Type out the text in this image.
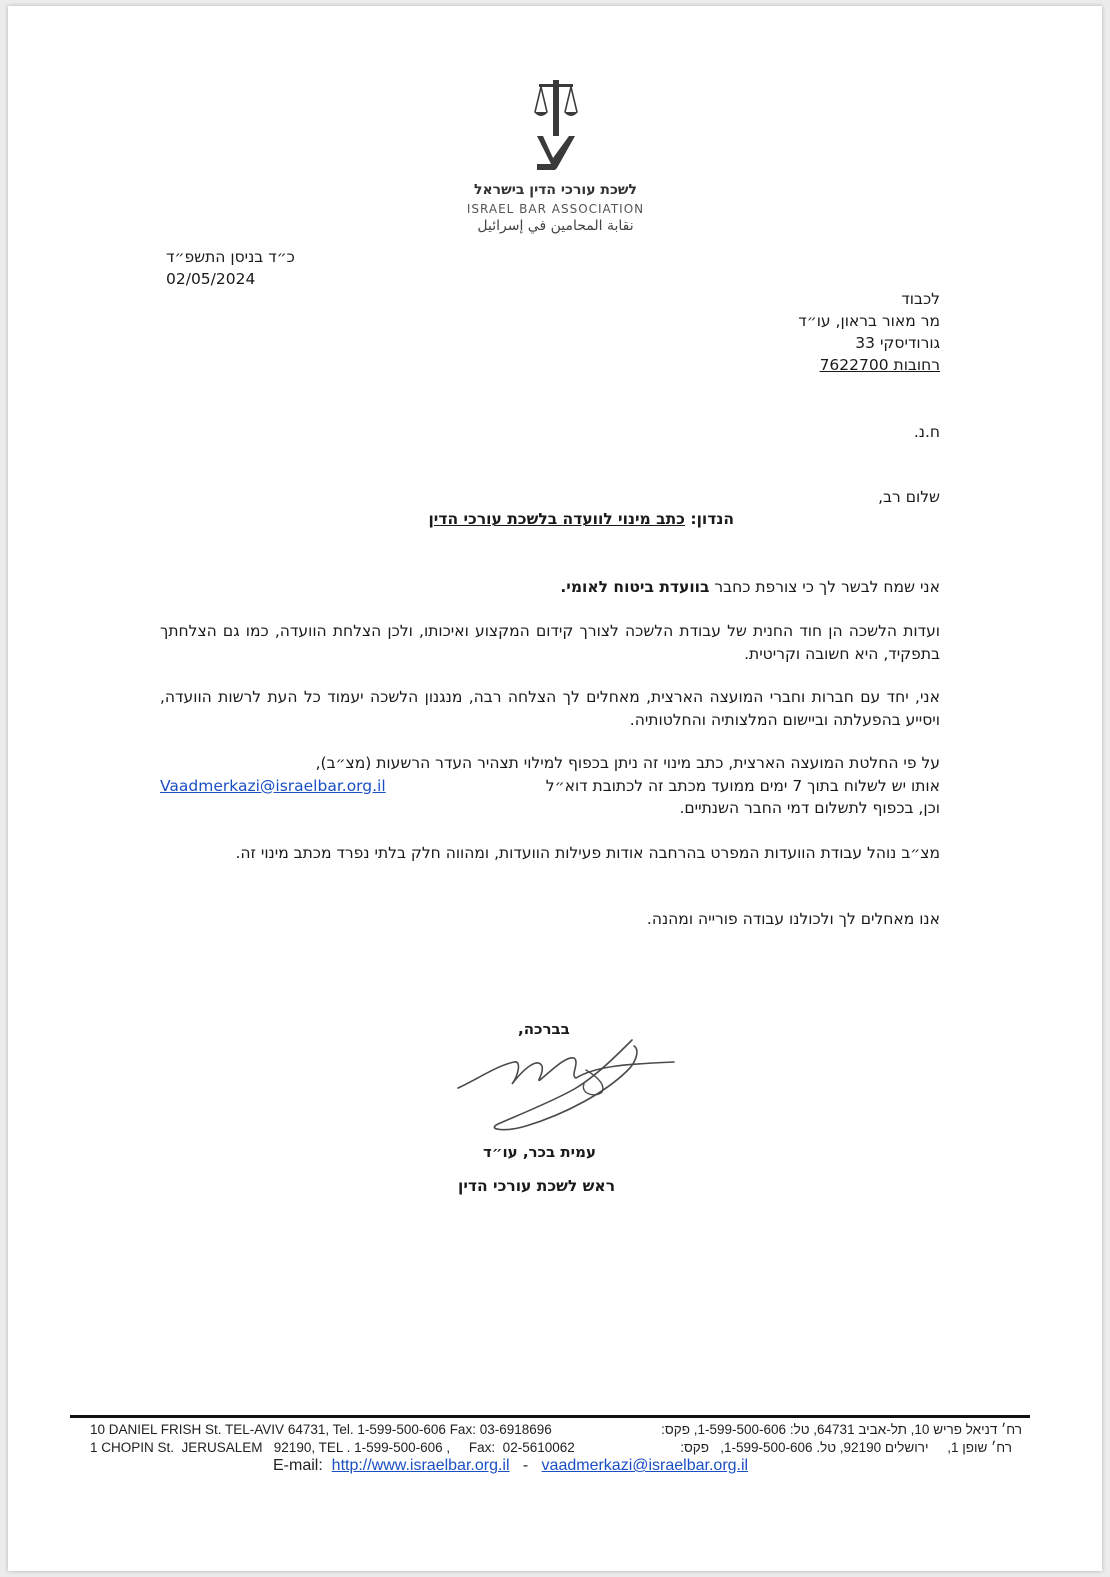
לשכת עורכי הדין בישראל
ISRAEL BAR ASSOCIATION
نقابة المحامين في إسرائيل
כ״ד בניסן התשפ״ד
02/05/2024
לכבוד
מר מאור בראון, עו״ד
גורודיסקי 33
רחובות 7622700
ח.נ.
שלום רב,
הנדון: כתב מינוי לוועדה בלשכת עורכי הדין
אני שמח לבשר לך כי צורפת כחבר בוועדת ביטוח לאומי.
ועדות הלשכה הן חוד החנית של עבודת הלשכה לצורך קידום המקצוע ואיכותו, ולכן הצלחת הוועדה, כמו גם הצלחתך בתפקיד, היא חשובה וקריטית.
אני, יחד עם חברות וחברי המועצה הארצית, מאחלים לך הצלחה רבה, מנגנון הלשכה יעמוד כל העת לרשות הוועדה, ויסייע בהפעלתה וביישום המלצותיה והחלטותיה.
על פי החלטת המועצה הארצית, כתב מינוי זה ניתן בכפוף למילוי תצהיר העדר הרשעות (מצ״ב),
אותו יש לשלוח בתוך 7 ימים ממועד מכתב זה לכתובת דוא״ל
Vaadmerkazi@israelbar.org.il
וכן, בכפוף לתשלום דמי החבר השנתיים.
מצ״ב נוהל עבודת הוועדות המפרט בהרחבה אודות פעילות הוועדות, ומהווה חלק בלתי נפרד מכתב מינוי זה.
אנו מאחלים לך ולכולנו עבודה פורייה ומהנה.
בברכה,
עמית בכר, עו״ד
ראש לשכת עורכי הדין
10 DANIEL FRISH St. TEL-AVIV 64731, Tel. 1-599-500-606 Fax: 03-6918696	רח׳ דניאל פריש 10, תל-אביב 64731, טל: 1-599-500-606, פקס:
1 CHOPIN St.  JERUSALEM   92190, TEL . 1-599-500-606 ,     Fax:  02-5610062	רח׳ שופן 1,     ירושלים 92190, טל. 1-599-500-606,   פקס:
E-mail: http://www.israelbar.org.il - vaadmerkazi@israelbar.org.il
